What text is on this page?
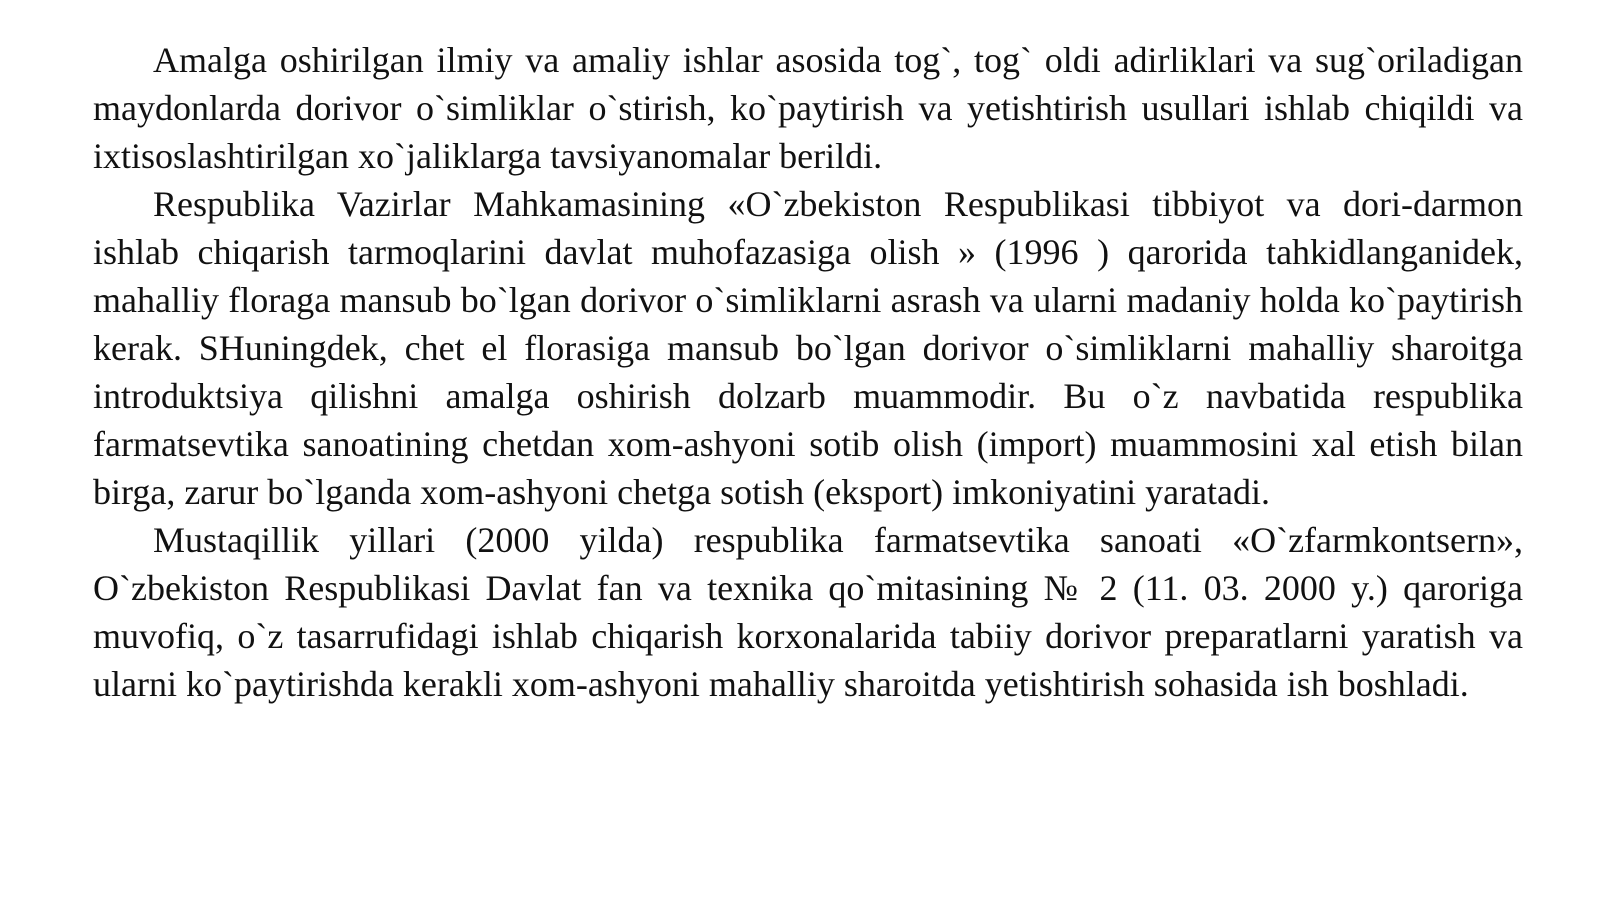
Amalga oshirilgan ilmiy va amaliy ishlar asosida tog`, tog` oldi adirliklari va sug`oriladigan maydonlarda dorivor o`simliklar o`stirish, ko`paytirish va yetishtirish usullari ishlab chiqildi va ixtisoslashtirilgan xo`jaliklarga tavsiyanomalar berildi.

Respublika Vazirlar Mahkamasining «O`zbekiston Respublikasi tibbiyot va dori-darmon ishlab chiqarish tarmoqlarini davlat muhofazasiga olish » (1996 ) qarorida tahkidlanganidek, mahalliy floraga mansub bo`lgan dorivor o`simliklarni asrash va ularni madaniy holda ko`paytirish kerak. SHuningdek, chet el florasiga mansub bo`lgan dorivor o`simliklarni mahalliy sharoitga introduktsiya qilishni amalga oshirish dolzarb muammodir. Bu o`z navbatida respublika farmatsevtika sanoatining chetdan xom-ashyoni sotib olish (import) muammosini xal etish bilan birga, zarur bo`lganda xom-ashyoni chetga sotish (eksport) imkoniyatini yaratadi.

Mustaqillik yillari (2000 yilda) respublika farmatsevtika sanoati «O`zfarmkontsern», O`zbekiston Respublikasi Davlat fan va texnika qo`mitasining № 2 (11. 03. 2000 y.) qaroriga muvofiq, o`z tasarrufidagi ishlab chiqarish korxonalarida tabiiy dorivor preparatlarni yaratish va ularni ko`paytirishda kerakli xom-ashyoni mahalliy sharoitda yetishtirish sohasida ish boshladi.
